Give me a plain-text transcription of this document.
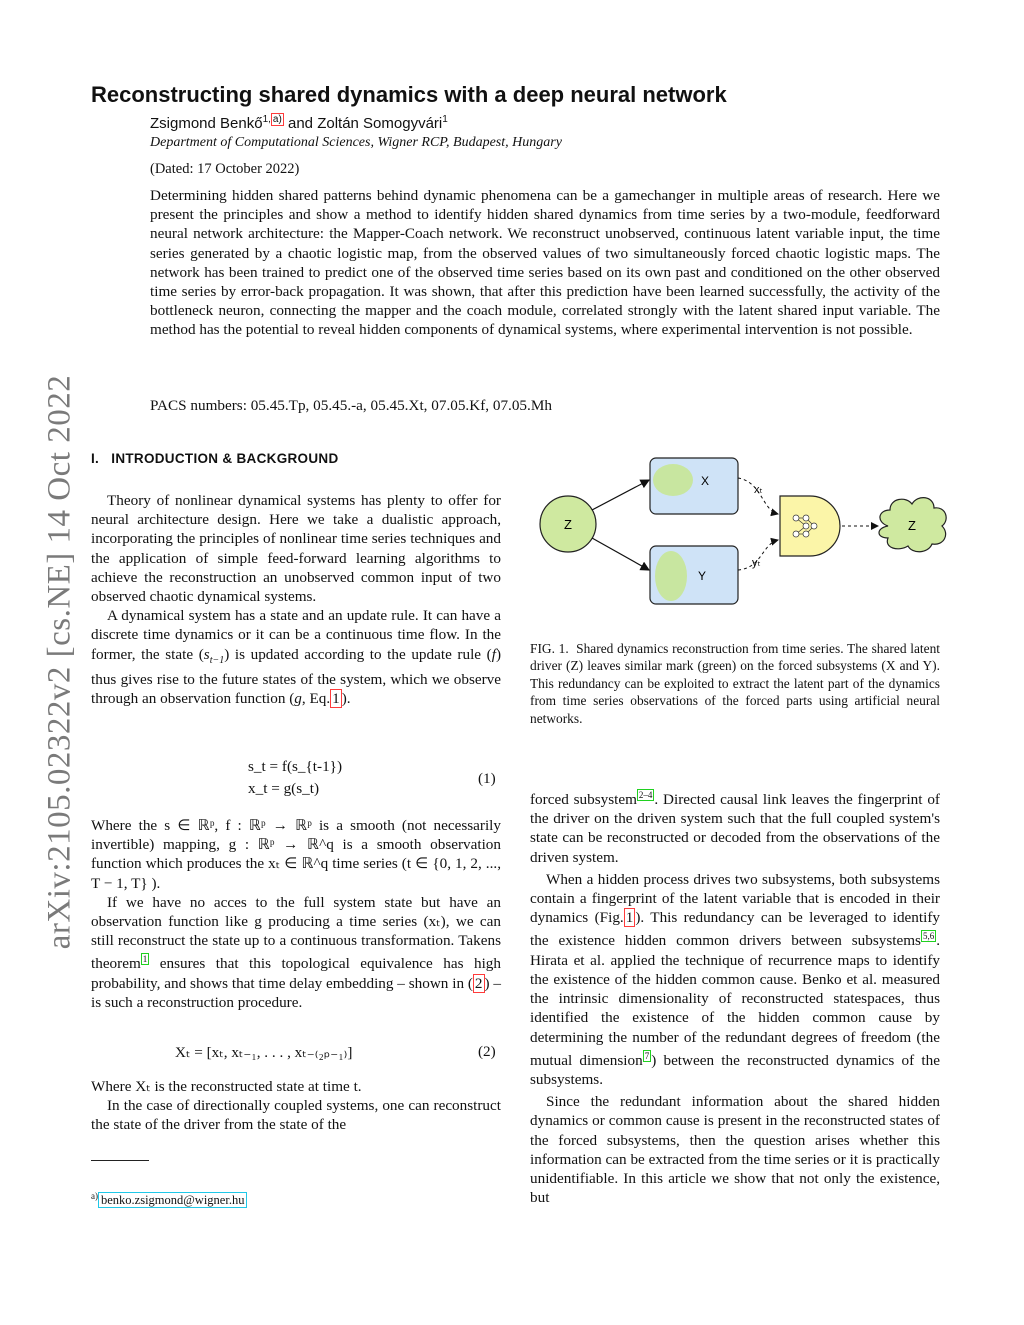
arXiv:2105.02322v2 [cs.NE] 14 Oct 2022
Reconstructing shared dynamics with a deep neural network
Zsigmond Benkő$^{1,}$ $^{a)}$ and Zoltán Somogyvári$^1$
Department of Computational Sciences, Wigner RCP, Budapest, Hungary
(Dated: 17 October 2022)
Determining hidden shared patterns behind dynamic phenomena can be a gamechanger in multiple areas of research. Here we present the principles and show a method to identify hidden shared dynamics from time series by a two-module, feedforward neural network architecture: the Mapper-Coach network. We reconstruct unobserved, continuous latent variable input, the time series generated by a chaotic logistic map, from the observed values of two simultaneously forced chaotic logistic maps. The network has been trained to predict one of the observed time series based on its own past and conditioned on the other observed time series by error-back propagation. It was shown, that after this prediction have been learned successfully, the activity of the bottleneck neuron, connecting the mapper and the coach module, correlated strongly with the latent shared input variable. The method has the potential to reveal hidden components of dynamical systems, where experimental intervention is not possible.
PACS numbers: 05.45.Tp, 05.45.-a, 05.45.Xt, 07.05.Kf, 07.05.Mh
I. INTRODUCTION & BACKGROUND

Theory of nonlinear dynamical systems has plenty to offer for neural architecture design. Here we take a dualistic approach, incorporating the principles of nonlinear time series techniques and the application of simple feed-forward learning algorithms to achieve the reconstruction an unobserved common input of two observed chaotic dynamical systems.

A dynamical system has a state and an update rule. It can have a discrete time dynamics or it can be a continuous time flow. In the former, the state $(s_{t-1})$ is updated according to the update rule (f) thus gives rise to the future states of the system, which we observe through an observation function (g, Eq. 1 ).

s_t = f(s_{t-1})
x_t = g(s_t)
(1)

Where the s ∈ ℝᵖ, f : ℝᵖ → ℝᵖ is a smooth (not necessarily invertible) mapping, g : ℝᵖ → ℝ^q is a smooth observation function which produces the xₜ ∈ ℝ^q time series (t ∈ {0, 1, 2, ..., T − 1, T} ).

If we have no acces to the full system state but have an observation function like g producing a time series (xₜ), we can still reconstruct the state up to a continuous transformation. Takens theorem $^1$ ensures that this topological equivalence has high probability, and shows that time delay embedding – shown in ( 2 ) – is such a reconstruction procedure.

Xₜ = [xₜ, xₜ₋₁, . . . , xₜ₋₍₂ₚ₋₁₎]	(2)

Where Xₜ is the reconstructed state at time t.

In the case of directionally coupled systems, one can reconstruct the state of the driver from the state of the

$^{a)}$ benko.zsigmond@wigner.hu
Z
X
Y
xₜ
yₜ
Z
FIG. 1. Shared dynamics reconstruction from time series. The shared latent driver (Z) leaves similar mark (green) on the forced subsystems (X and Y). This redundancy can be exploited to extract the latent part of the dynamics from time series observations of the forced parts using artificial neural networks.

forced subsystem $^{2-4}$ . Directed causal link leaves the fingerprint of the driver on the driven system such that the full coupled system's state can be reconstructed or decoded from the observations of the driven system.

When a hidden process drives two subsystems, both subsystems contain a fingerprint of the latent variable that is encoded in their dynamics (Fig. 1 ). This redundancy can be leveraged to identify the existence hidden common drivers between subsystems $^{5,6}$ . Hirata et al. applied the technique of recurrence maps to identify the existence of the hidden common cause. Benko et al. measured the intrinsic dimensionality of reconstructed statespaces, thus identified the existence of the hidden common cause by determining the number of the redundant degrees of freedom (the mutual dimension $^7$ ) between the reconstructed dynamics of the subsystems.

Since the redundant information about the shared hidden dynamics or common cause is present in the reconstructed states of the forced subsystems, then the question arises whether this information can be extracted from the time series or it is practically unidentifiable. In this article we show that not only the existence, but
